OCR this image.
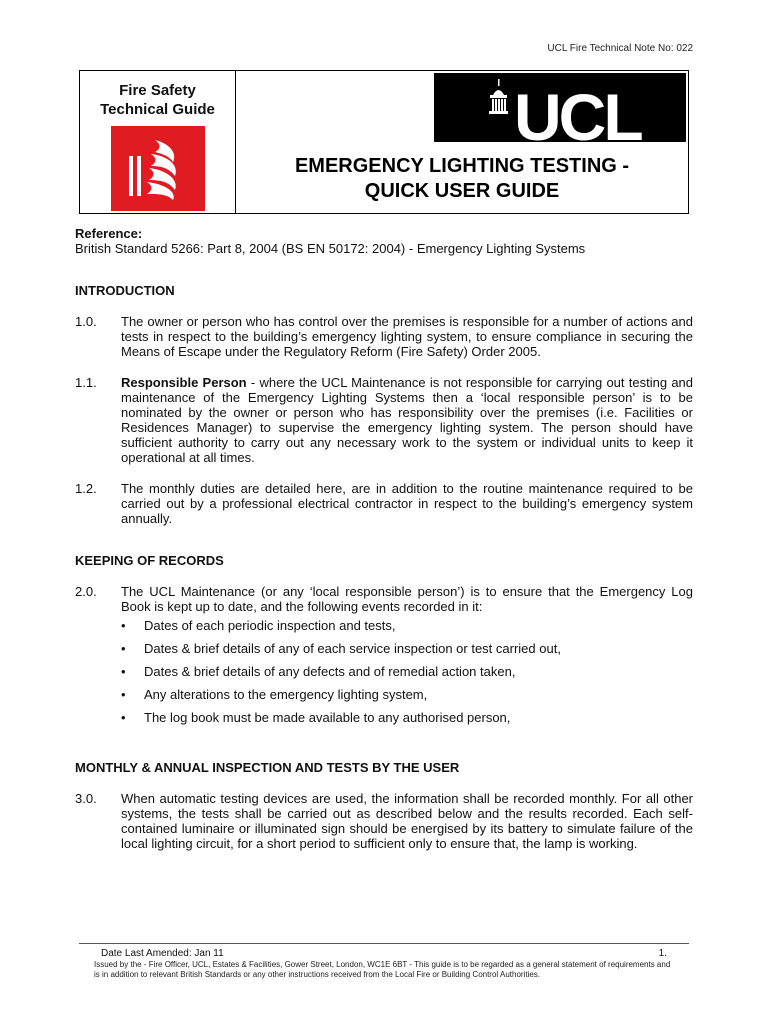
UCL Fire Technical Note No: 022
Fire Safety
Technical Guide	UCL
EMERGENCY LIGHTING TESTING -
QUICK USER GUIDE
Reference:
British Standard 5266: Part 8, 2004 (BS EN 50172: 2004) - Emergency Lighting Systems
INTRODUCTION
1.0.	The owner or person who has control over the premises is responsible for a number of actions and tests in respect to the building’s emergency lighting system, to ensure compliance in securing the Means of Escape under the Regulatory Reform (Fire Safety) Order 2005.
1.1.	Responsible Person - where the UCL Maintenance is not responsible for carrying out testing and maintenance of the Emergency Lighting Systems then a ‘local responsible person’ is to be nominated by the owner or person who has responsibility over the premises (i.e. Facilities or Residences Manager) to supervise the emergency lighting system. The person should have sufficient authority to carry out any necessary work to the system or individual units to keep it operational at all times.
1.2.	The monthly duties are detailed here, are in addition to the routine maintenance required to be carried out by a professional electrical contractor in respect to the building’s emergency system annually.
KEEPING OF RECORDS
2.0.	The UCL Maintenance (or any ‘local responsible person’) is to ensure that the Emergency Log Book is kept up to date, and the following events recorded in it:
• Dates of each periodic inspection and tests,
• Dates & brief details of any of each service inspection or test carried out,
• Dates & brief details of any defects and of remedial action taken,
• Any alterations to the emergency lighting system,
• The log book must be made available to any authorised person,
MONTHLY & ANNUAL INSPECTION AND TESTS BY THE USER
3.0.	When automatic testing devices are used, the information shall be recorded monthly. For all other systems, the tests shall be carried out as described below and the results recorded. Each self-contained luminaire or illuminated sign should be energised by its battery to simulate failure of the local lighting circuit, for a short period to sufficient only to ensure that, the lamp is working.
Date Last Amended: Jan 11	1.
Issued by the - Fire Officer, UCL, Estates & Facilities, Gower Street, London, WC1E 6BT - This guide is to be regarded as a general statement of requirements and is in addition to relevant British Standards or any other instructions received from the Local Fire or Building Control Authorities.
